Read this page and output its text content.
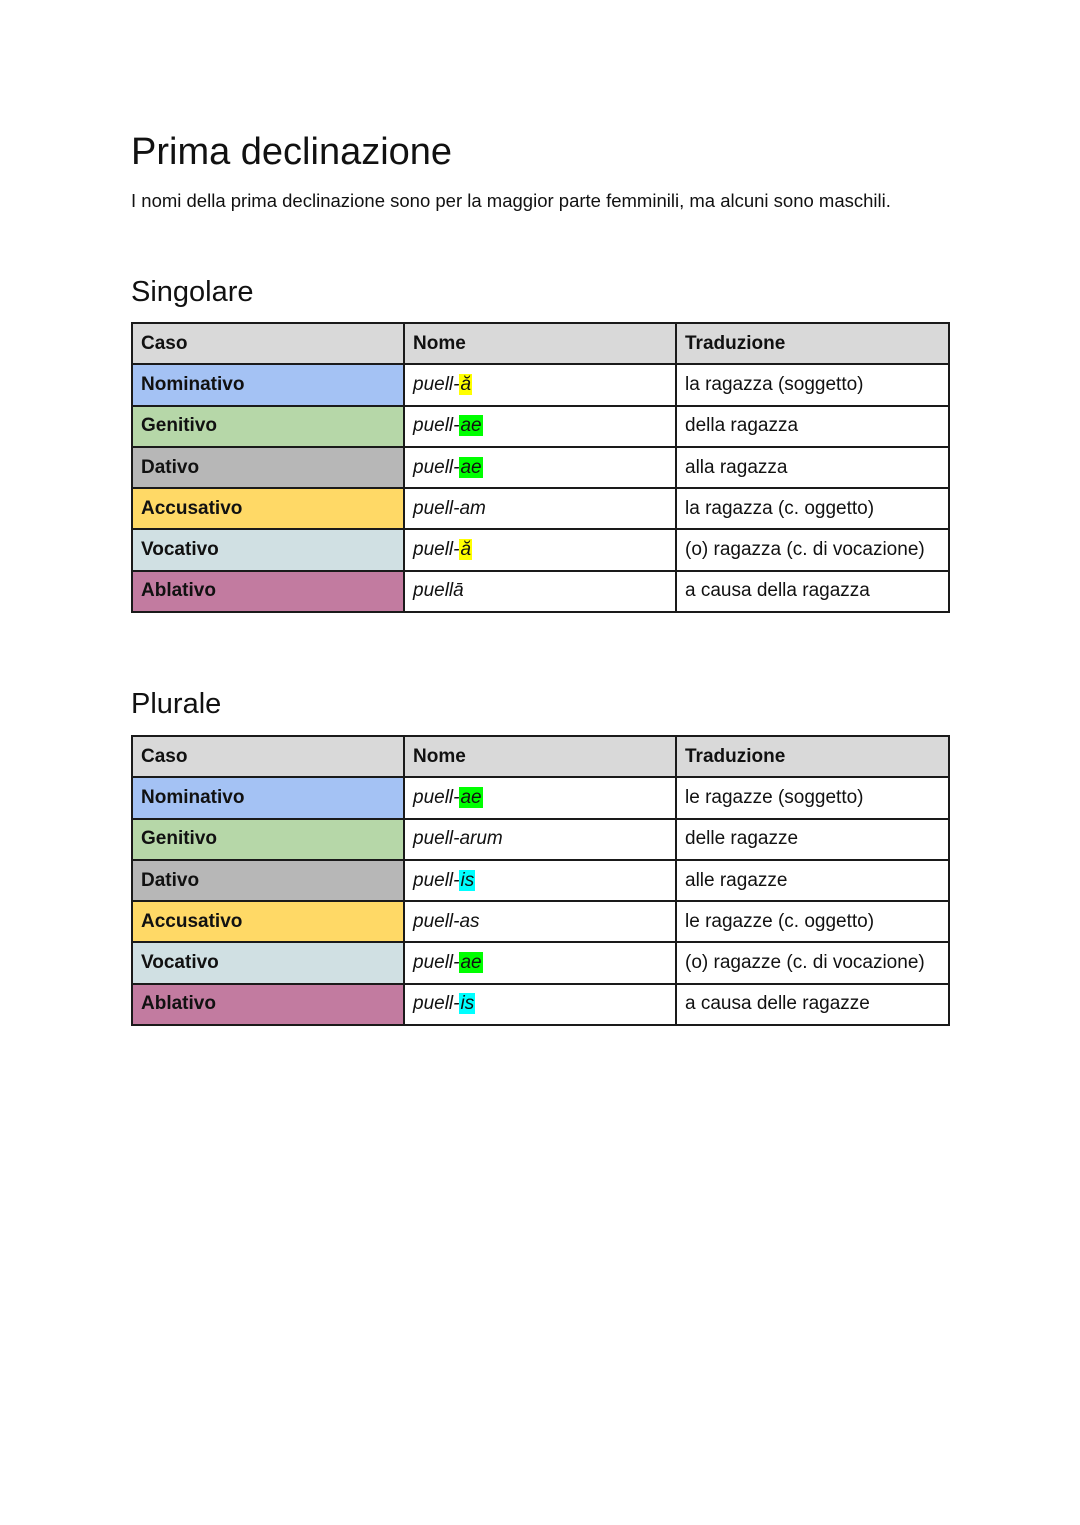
Prima declinazione

I nomi della prima declinazione sono per la maggior parte femminili, ma alcuni sono maschili.

Singolare
Caso	Nome	Traduzione
Nominativo	puell-ă	la ragazza (soggetto)
Genitivo	puell-ae	della ragazza
Dativo	puell-ae	alla ragazza
Accusativo	puell-am	la ragazza (c. oggetto)
Vocativo	puell-ă	(o) ragazza (c. di vocazione)
Ablativo	puellā	a causa della ragazza
Plurale
Caso	Nome	Traduzione
Nominativo	puell-ae	le ragazze (soggetto)
Genitivo	puell-arum	delle ragazze
Dativo	puell-is	alle ragazze
Accusativo	puell-as	le ragazze (c. oggetto)
Vocativo	puell-ae	(o) ragazze (c. di vocazione)
Ablativo	puell-is	a causa delle ragazze
